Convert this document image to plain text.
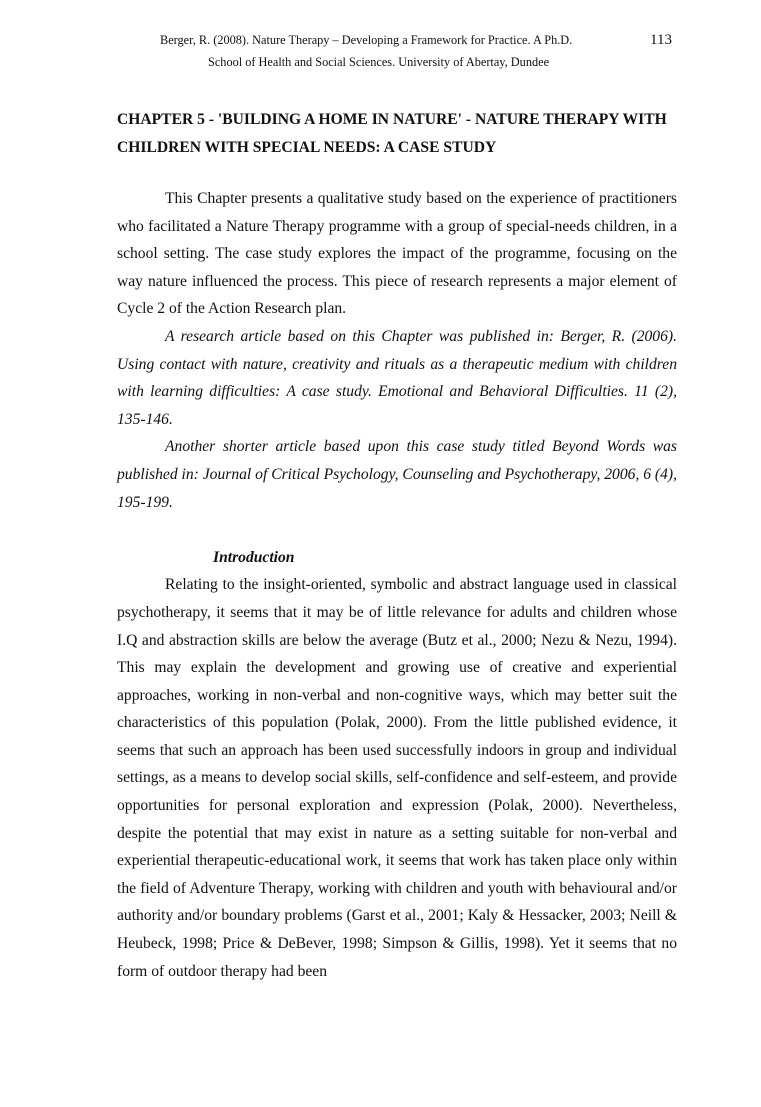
Berger, R. (2008). Nature Therapy – Developing a Framework for Practice. A Ph.D.	113
School of Health and Social Sciences. University of Abertay, Dundee
CHAPTER 5 - 'BUILDING A HOME IN NATURE' - NATURE THERAPY WITH CHILDREN WITH SPECIAL NEEDS: A CASE STUDY

This Chapter presents a qualitative study based on the experience of practitioners who facilitated a Nature Therapy programme with a group of special-needs children, in a school setting. The case study explores the impact of the programme, focusing on the way nature influenced the process. This piece of research represents a major element of Cycle 2 of the Action Research plan.

A research article based on this Chapter was published in: Berger, R. (2006). Using contact with nature, creativity and rituals as a therapeutic medium with children with learning difficulties: A case study. Emotional and Behavioral Difficulties. 11 (2), 135-146.

Another shorter article based upon this case study titled Beyond Words was published in: Journal of Critical Psychology, Counseling and Psychotherapy, 2006, 6 (4), 195-199.

Introduction

Relating to the insight-oriented, symbolic and abstract language used in classical psychotherapy, it seems that it may be of little relevance for adults and children whose I.Q and abstraction skills are below the average (Butz et al., 2000; Nezu & Nezu, 1994). This may explain the development and growing use of creative and experiential approaches, working in non-verbal and non-cognitive ways, which may better suit the characteristics of this population (Polak, 2000). From the little published evidence, it seems that such an approach has been used successfully indoors in group and individual settings, as a means to develop social skills, self-confidence and self-esteem, and provide opportunities for personal exploration and expression (Polak, 2000). Nevertheless, despite the potential that may exist in nature as a setting suitable for non-verbal and experiential therapeutic-educational work, it seems that work has taken place only within the field of Adventure Therapy, working with children and youth with behavioural and/or authority and/or boundary problems (Garst et al., 2001; Kaly & Hessacker, 2003; Neill & Heubeck, 1998; Price & DeBever, 1998; Simpson & Gillis, 1998). Yet it seems that no form of outdoor therapy had been
